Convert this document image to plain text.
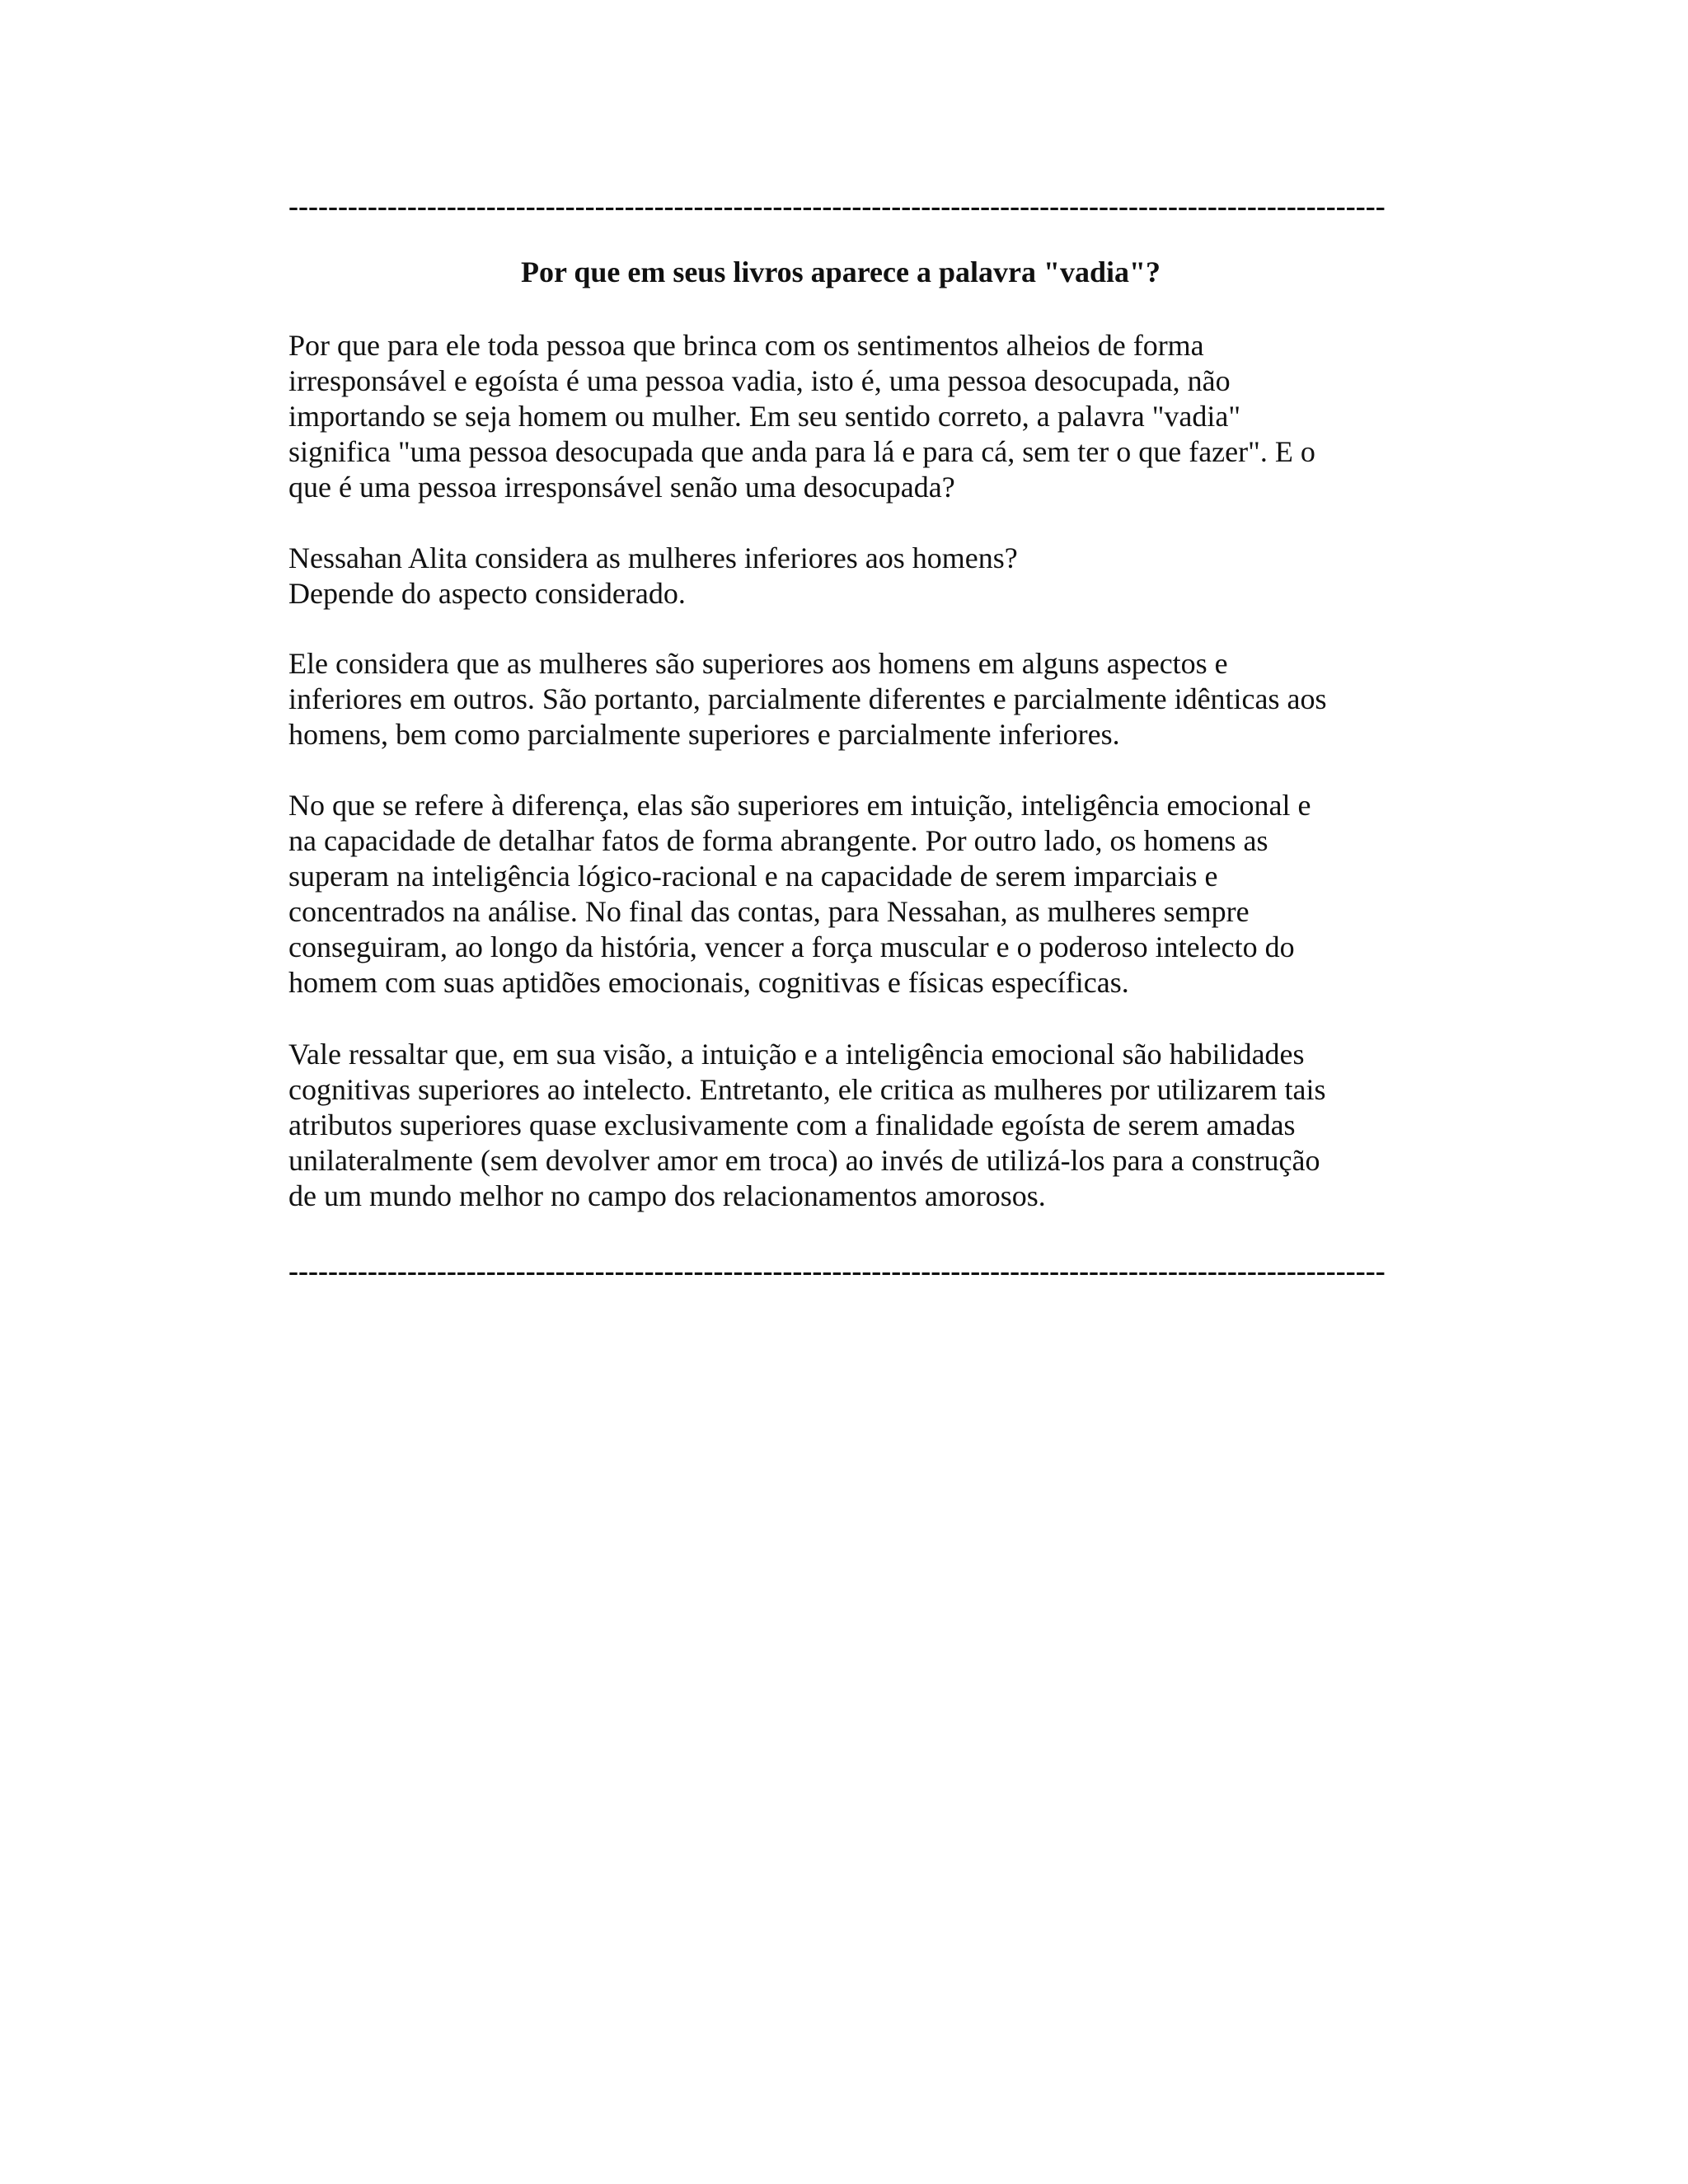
---------------------------------------------------------------------------------------------------------------
Por que em seus livros aparece a palavra "vadia"?

Por que para ele toda pessoa que brinca com os sentimentos alheios de forma
irresponsável e egoísta é uma pessoa vadia, isto é, uma pessoa desocupada, não
importando se seja homem ou mulher. Em seu sentido correto, a palavra "vadia"
significa "uma pessoa desocupada que anda para lá e para cá, sem ter o que fazer". E o
que é uma pessoa irresponsável senão uma desocupada?

Nessahan Alita considera as mulheres inferiores aos homens?
Depende do aspecto considerado.

Ele considera que as mulheres são superiores aos homens em alguns aspectos e
inferiores em outros. São portanto, parcialmente diferentes e parcialmente idênticas aos
homens, bem como parcialmente superiores e parcialmente inferiores.

No que se refere à diferença, elas são superiores em intuição, inteligência emocional e
na capacidade de detalhar fatos de forma abrangente. Por outro lado, os homens as
superam na inteligência lógico-racional e na capacidade de serem imparciais e
concentrados na análise. No final das contas, para Nessahan, as mulheres sempre
conseguiram, ao longo da história, vencer a força muscular e o poderoso intelecto do
homem com suas aptidões emocionais, cognitivas e físicas específicas.

Vale ressaltar que, em sua visão, a intuição e a inteligência emocional são habilidades
cognitivas superiores ao intelecto. Entretanto, ele critica as mulheres por utilizarem tais
atributos superiores quase exclusivamente com a finalidade egoísta de serem amadas
unilateralmente (sem devolver amor em troca) ao invés de utilizá-los para a construção
de um mundo melhor no campo dos relacionamentos amorosos.

---------------------------------------------------------------------------------------------------------------
